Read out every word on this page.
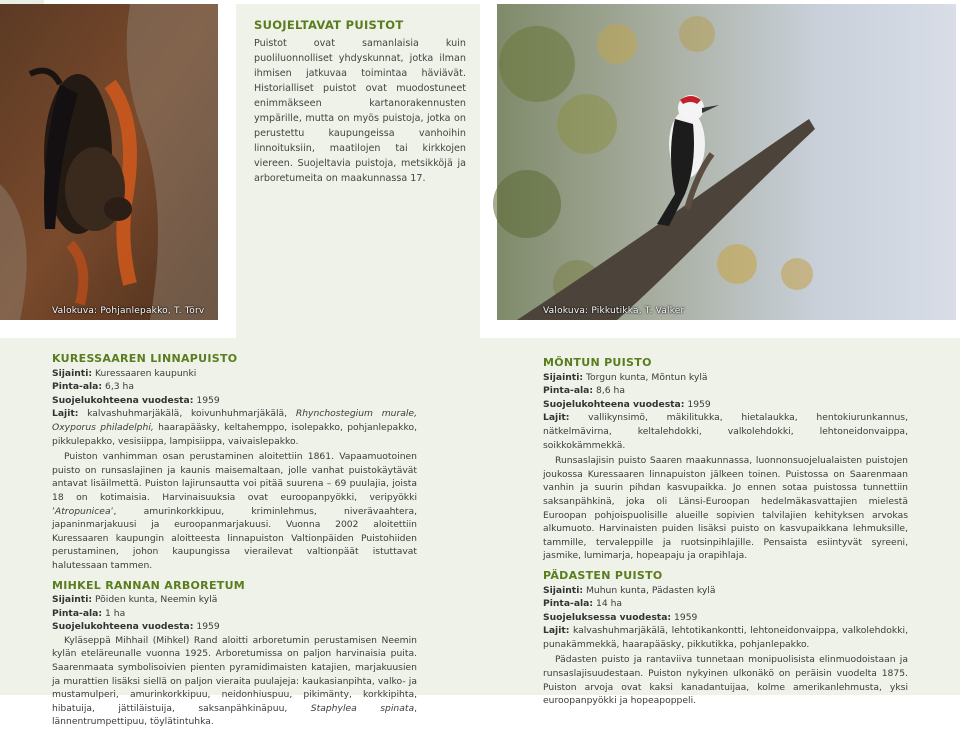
Valokuva: Pohjanlepakko, T. Törv
SUOJELTAVAT PUISTOT

Puistot ovat samanlaisia kuin puoliluonnolliset yhdyskunnat, jotka ilman ihmisen jatkuvaa toimintaa häviävät. Historialliset puistot ovat muodostuneet enimmäkseen kartanorakennusten ympärille, mutta on myös puistoja, jotka on perustettu kaupungeissa vanhoihin linnoituksiin, maatilojen tai kirkkojen viereen. Suojeltavia puistoja, metsikköjä ja arboretumeita on maakunnassa 17.

Valokuva: Pikkutikka, T. Valker
KURESSAAREN LINNAPUISTO
Sijainti: Kuressaaren kaupunki
Pinta-ala: 6,3 ha
Suojelukohteena vuodesta: 1959

Lajit: kalvashuhmarjäkälä, koivunhuhmarjäkälä, Rhynchostegium murale, Oxyporus philadelphi, haarapääsky, keltahemppo, isolepakko, pohjanlepakko, pikkulepakko, vesisiippa, lampisiippa, vaivaislepakko.

Puiston vanhimman osan perustaminen aloitettiin 1861. Vapaamuotoinen puisto on runsaslajinen ja kaunis maisemaltaan, jolle vanhat puistokäytävät antavat lisäilmettä. Puiston lajirunsautta voi pitää suurena – 69 puulajia, joista 18 on kotimaisia. Harvinaisuuksia ovat euroopanpyökki, veripyökki ’Atropunicea’, amurinkorkkipuu, kriminlehmus, niverävaahtera, japaninmarjakuusi ja euroopanmarjakuusi. Vuonna 2002 aloitettiin Kuressaaren kaupungin aloitteesta linnapuiston Valtionpäiden Puistohiiden perustaminen, johon kaupungissa vierailevat valtionpäät istuttavat halutessaan tammen.

MIHKEL RANNAN ARBORETUM
Sijainti: Põiden kunta, Neemin kylä
Pinta-ala: 1 ha
Suojelukohteena vuodesta: 1959

Kyläseppä Mihhail (Mihkel) Rand aloitti arboretumin perustamisen Neemin kylän eteläreunalle vuonna 1925. Arboretumissa on paljon harvinaisia puita. Saarenmaata symbolisoivien pienten pyramidimaisten katajien, marjakuusien ja murattien lisäksi siellä on paljon vieraita puulajeja: kaukasianpihta, valko- ja mustamulperi, amurinkorkkipuu, neidonhiuspuu, pikimänty, korkkipihta, hibatuija, jättiläistuija, saksanpähkinäpuu, Staphylea spinata, lännentrumpettipuu, töylätintuhka.

MÕNTUN PUISTO
Sijainti: Torgun kunta, Mõntun kylä
Pinta-ala: 8,6 ha
Suojelukohteena vuodesta: 1959

Lajit: vallikynsimö, mäkilitukka, hietalaukka, hentokiurunkannus, nätkelmävirna, keltalehdokki, valkolehdokki, lehtoneidonvaippa, soikkokämmekkä.

Runsaslajisin puisto Saaren maakunnassa, luonnonsuojelualaisten puistojen joukossa Kuressaaren linnapuiston jälkeen toinen. Puistossa on Saarenmaan vanhin ja suurin pihdan kasvupaikka. Jo ennen sotaa puistossa tunnettiin saksanpähkinä, joka oli Länsi-Euroopan hedelmäkasvattajien mielestä Euroopan pohjoispuolisille alueille sopivien talvilajien kehityksen arvokas alkumuoto. Harvinaisten puiden lisäksi puisto on kasvupaikkana lehmuksille, tammille, tervaleppille ja ruotsinpihlajille. Pensaista esiintyvät syreeni, jasmike, lumimarja, hopeapaju ja orapihlaja.

PÄDASTEN PUISTO
Sijainti: Muhun kunta, Pädasten kylä
Pinta-ala: 14 ha
Suojeluksessa vuodesta: 1959

Lajit: kalvashuhmarjäkälä, lehtotikankontti, lehtoneidonvaippa, valkolehdokki, punakämmekkä, haarapääsky, pikkutikka, pohjanlepakko.

Pädasten puisto ja rantaviiva tunnetaan monipuolisista elinmuodoistaan ja runsaslajisuudestaan. Puiston nykyinen ulkonäkö on peräisin vuodelta 1875. Puiston arvoja ovat kaksi kanadantuijaa, kolme amerikanlehmusta, yksi euroopanpyökki ja hopeapoppeli.
